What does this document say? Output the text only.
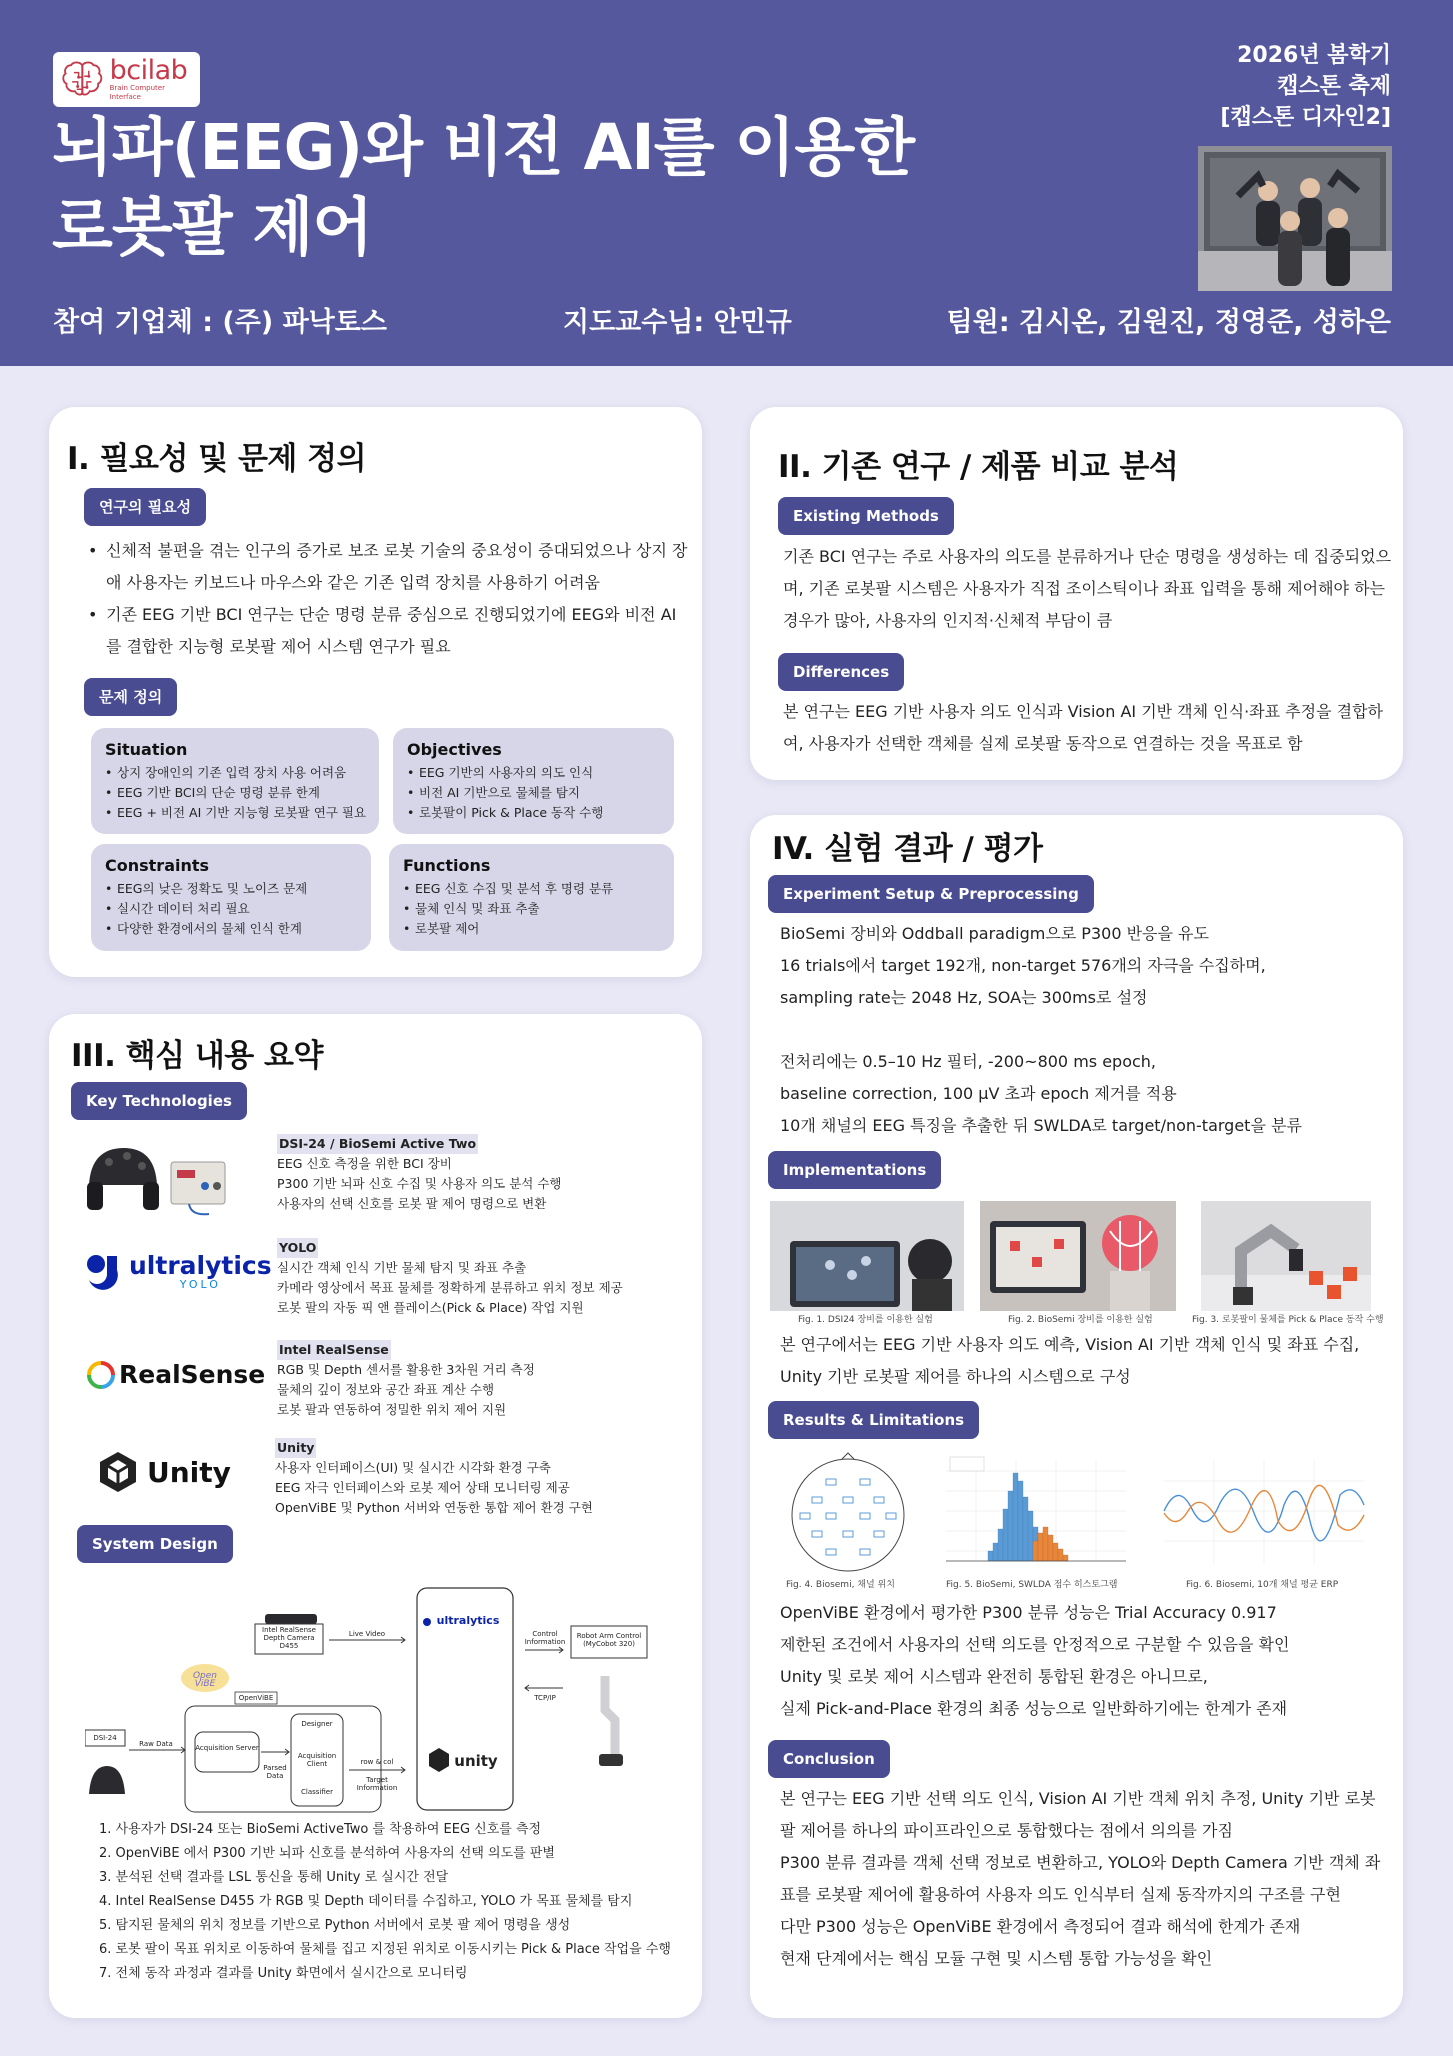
bcilab
Brain Computer Interface
뇌파(EEG)와 비전 AI를 이용한
로봇팔 제어
2026년 봄학기
캡스톤 축제
[캡스톤 디자인2]
참여 기업체 : (주) 파낙토스	지도교수님: 안민규	팀원: 김시온, 김원진, 정영준, 성하은
I. 필요성 및 문제 정의
연구의 필요성
• 신체적 불편을 겪는 인구의 증가로 보조 로봇 기술의 중요성이 증대되었으나 상지 장
애 사용자는 키보드나 마우스와 같은 기존 입력 장치를 사용하기 어려움
• 기존 EEG 기반 BCI 연구는 단순 명령 분류 중심으로 진행되었기에 EEG와 비전 AI
를 결합한 지능형 로봇팔 제어 시스템 연구가 필요
문제 정의
Situation
• 상지 장애인의 기존 입력 장치 사용 어려움
• EEG 기반 BCI의 단순 명령 분류 한계
• EEG + 비전 AI 기반 지능형 로봇팔 연구 필요
Objectives
• EEG 기반의 사용자의 의도 인식
• 비전 AI 기반으로 물체를 탐지
• 로봇팔이 Pick & Place 동작 수행
Constraints
• EEG의 낮은 정확도 및 노이즈 문제
• 실시간 데이터 처리 필요
• 다양한 환경에서의 물체 인식 한계
Functions
• EEG 신호 수집 및 분석 후 명령 분류
• 물체 인식 및 좌표 추출
• 로봇팔 제어
II. 기존 연구 / 제품 비교 분석
Existing Methods
기존 BCI 연구는 주로 사용자의 의도를 분류하거나 단순 명령을 생성하는 데 집중되었으
며, 기존 로봇팔 시스템은 사용자가 직접 조이스틱이나 좌표 입력을 통해 제어해야 하는
경우가 많아, 사용자의 인지적·신체적 부담이 큼
Differences
본 연구는 EEG 기반 사용자 의도 인식과 Vision AI 기반 객체 인식·좌표 추정을 결합하
여, 사용자가 선택한 객체를 실제 로봇팔 동작으로 연결하는 것을 목표로 함
III. 핵심 내용 요약
Key Technologies
DSI-24 / BioSemi Active Two
EEG 신호 측정을 위한 BCI 장비
P300 기반 뇌파 신호 수집 및 사용자 의도 분석 수행
사용자의 선택 신호를 로봇 팔 제어 명령으로 변환
ultralytics
YOLO
YOLO
실시간 객체 인식 기반 물체 탐지 및 좌표 추출
카메라 영상에서 목표 물체를 정확하게 분류하고 위치 정보 제공
로봇 팔의 자동 픽 앤 플레이스(Pick & Place) 작업 지원
RealSense
Intel RealSense
RGB 및 Depth 센서를 활용한 3차원 거리 측정
물체의 깊이 정보와 공간 좌표 계산 수행
로봇 팔과 연동하여 정밀한 위치 제어 지원
Unity
Unity
사용자 인터페이스(UI) 및 실시간 시각화 환경 구축
EEG 자극 인터페이스와 로봇 제어 상태 모니터링 제공
OpenViBE 및 Python 서버와 연동한 통합 제어 환경 구현
System Design
Intel RealSense Depth Camera D455
Live Video
ultralytics
Control Information
Robot Arm Control (MyCobot 320)
TCP/IP
Open ViBE
OpenViBE
Designer
Acquisition Client
Classifier
Acquisition Server
Parsed Data
DSI-24
Raw Data
row & col
Target Information
unity
1. 사용자가 DSI-24 또는 BioSemi ActiveTwo 를 착용하여 EEG 신호를 측정
2. OpenViBE 에서 P300 기반 뇌파 신호를 분석하여 사용자의 선택 의도를 판별
3. 분석된 선택 결과를 LSL 통신을 통해 Unity 로 실시간 전달
4. Intel RealSense D455 가 RGB 및 Depth 데이터를 수집하고, YOLO 가 목표 물체를 탐지
5. 탐지된 물체의 위치 정보를 기반으로 Python 서버에서 로봇 팔 제어 명령을 생성
6. 로봇 팔이 목표 위치로 이동하여 물체를 집고 지정된 위치로 이동시키는 Pick & Place 작업을 수행
7. 전체 동작 과정과 결과를 Unity 화면에서 실시간으로 모니터링
IV. 실험 결과 / 평가
Experiment Setup & Preprocessing
BioSemi 장비와 Oddball paradigm으로 P300 반응을 유도
16 trials에서 target 192개, non-target 576개의 자극을 수집하며,
sampling rate는 2048 Hz, SOA는 300ms로 설정
전처리에는 0.5–10 Hz 필터, -200~800 ms epoch,
baseline correction, 100 μV 초과 epoch 제거를 적용
10개 채널의 EEG 특징을 추출한 뒤 SWLDA로 target/non-target을 분류
Implementations
Fig. 1. DSI24 장비를 이용한 실험	Fig. 2. BioSemi 장비를 이용한 실험	Fig. 3. 로봇팔이 물체를 Pick & Place 동작 수행
본 연구에서는 EEG 기반 사용자 의도 예측, Vision AI 기반 객체 인식 및 좌표 수집,
Unity 기반 로봇팔 제어를 하나의 시스템으로 구성
Results & Limitations
Fig. 4. Biosemi, 채널 위치	Fig. 5. BioSemi, SWLDA 점수 히스토그램	Fig. 6. Biosemi, 10개 채널 평균 ERP
OpenViBE 환경에서 평가한 P300 분류 성능은 Trial Accuracy 0.917
제한된 조건에서 사용자의 선택 의도를 안정적으로 구분할 수 있음을 확인
Unity 및 로봇 제어 시스템과 완전히 통합된 환경은 아니므로,
실제 Pick-and-Place 환경의 최종 성능으로 일반화하기에는 한계가 존재
Conclusion
본 연구는 EEG 기반 선택 의도 인식, Vision AI 기반 객체 위치 추정, Unity 기반 로봇
팔 제어를 하나의 파이프라인으로 통합했다는 점에서 의의를 가짐
P300 분류 결과를 객체 선택 정보로 변환하고, YOLO와 Depth Camera 기반 객체 좌
표를 로봇팔 제어에 활용하여 사용자 의도 인식부터 실제 동작까지의 구조를 구현
다만 P300 성능은 OpenViBE 환경에서 측정되어 결과 해석에 한계가 존재
현재 단계에서는 핵심 모듈 구현 및 시스템 통합 가능성을 확인
